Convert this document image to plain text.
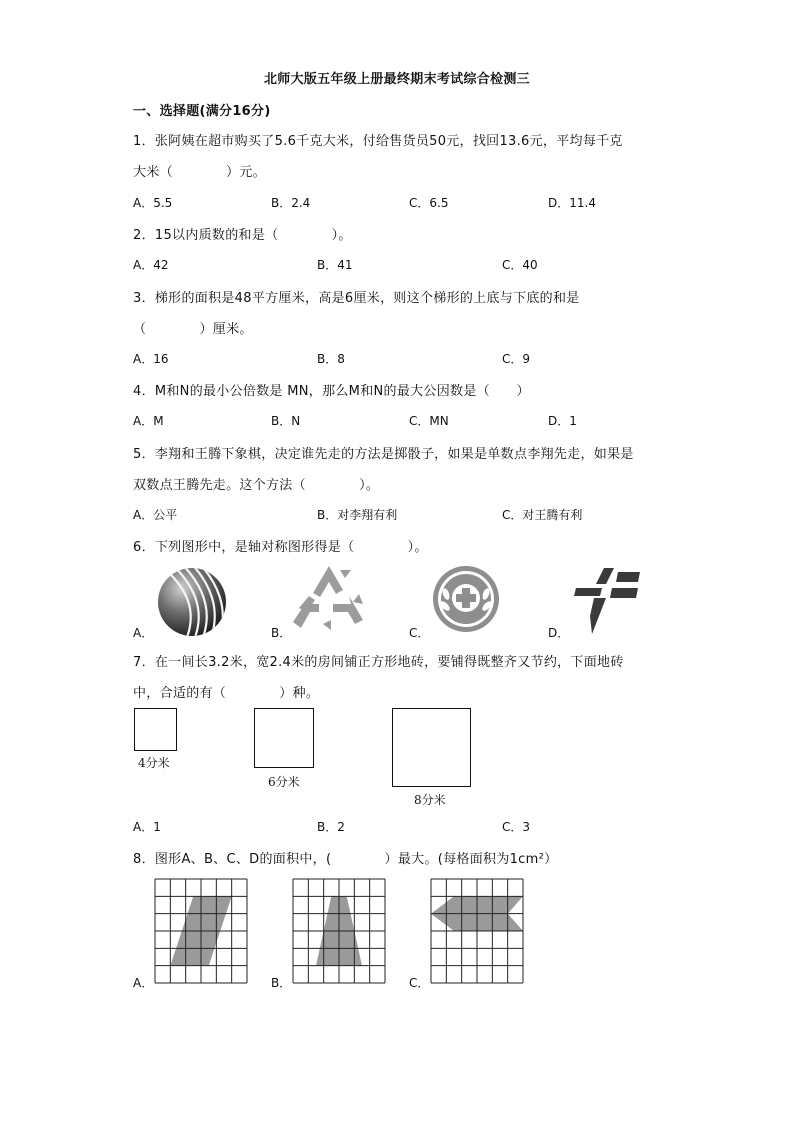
北师大版五年级上册最终期末考试综合检测三
一、选择题(满分16分)
1．张阿姨在超市购买了5.6千克大米，付给售货员50元，找回13.6元，平均每千克
大米（　　　　）元。
A．5.5	B．2.4	C．6.5	D．11.4
2．15以内质数的和是（　　　　）。
A．42	B．41	C．40
3．梯形的面积是48平方厘米，高是6厘米，则这个梯形的上底与下底的和是
（　　　　）厘米。
A．16	B．8	C．9
4．M和N的最小公倍数是 MN，那么M和N的最大公因数是（　　）
A．M	B．N	C．MN	D．1
5．李翔和王腾下象棋，决定谁先走的方法是掷骰子，如果是单数点李翔先走，如果是
双数点王腾先走。这个方法（　　　　）。
A．公平	B．对李翔有利	C．对王腾有利
6．下列图形中，是轴对称图形得是（　　　　）。
A．	B．	C．	D．
7．在一间长3.2米，宽2.4米的房间铺正方形地砖，要铺得既整齐又节约，下面地砖
中，合适的有（　　　　）种。
4分米
6分米
8分米
A．1	B．2	C．3
8．图形A、B、C、D的面积中，(　　　　）最大。(每格面积为1cm²）
A．	B．	C．
